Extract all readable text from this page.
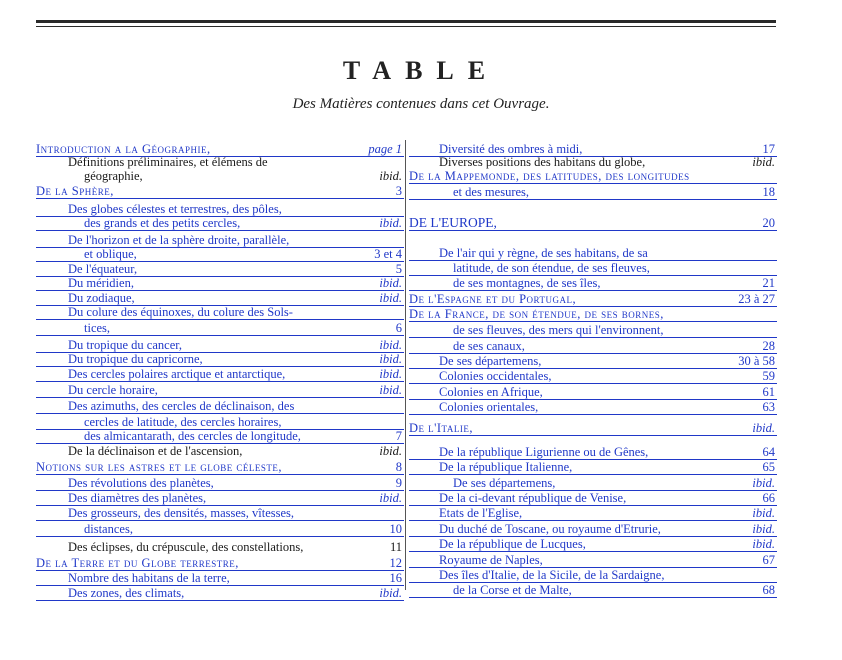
TABLE
Des Matières contenues dans cet Ouvrage.
Introduction a la Géographie,	page 1
Définitions préliminaires, et élémens de
géographie,	ibid.
De la Sphère,	3
Des globes célestes et terrestres, des pôles,
des grands et des petits cercles,	ibid.
De l'horizon et de la sphère droite, parallèle,
et oblique,	3 et 4
De l'équateur,	5
Du méridien,	ibid.
Du zodiaque,	ibid.
Du colure des équinoxes, du colure des Sols-
tices,	6
Du tropique du cancer,	ibid.
Du tropique du capricorne,	ibid.
Des cercles polaires arctique et antarctique,	ibid.
Du cercle horaire,	ibid.
Des azimuths, des cercles de déclinaison, des
cercles de latitude, des cercles horaires,
des almicantarath, des cercles de longitude,	7
De la déclinaison et de l'ascension,	ibid.
Notions sur les astres et le globe céleste,	8
Des révolutions des planètes,	9
Des diamètres des planètes,	ibid.
Des grosseurs, des densités, masses, vîtesses,
distances,	10
Des éclipses, du crépuscule, des constellations,	11
De la Terre et du Globe terrestre,	12
Nombre des habitans de la terre,	16
Des zones, des climats,	ibid.
Diversité des ombres à midi,	17
Diverses positions des habitans du globe,	ibid.
De la Mappemonde, des latitudes, des longitudes
et des mesures,	18
DE L'EUROPE,	20
De l'air qui y règne, de ses habitans, de sa
latitude, de son étendue, de ses fleuves,
de ses montagnes, de ses îles,	21
De l'Espagne et du Portugal,	23 à 27
De la France, de son étendue, de ses bornes,
de ses fleuves, des mers qui l'environnent,
de ses canaux,	28
De ses départemens,	30 à 58
Colonies occidentales,	59
Colonies en Afrique,	61
Colonies orientales,	63
De l'Italie,	ibid.
De la république Ligurienne ou de Gênes,	64
De la république Italienne,	65
De ses départemens,	ibid.
De la ci-devant république de Venise,	66
Etats de l'Eglise,	ibid.
Du duché de Toscane, ou royaume d'Etrurie,	ibid.
De la république de Lucques,	ibid.
Royaume de Naples,	67
Des îles d'Italie, de la Sicile, de la Sardaigne,
de la Corse et de Malte,	68
